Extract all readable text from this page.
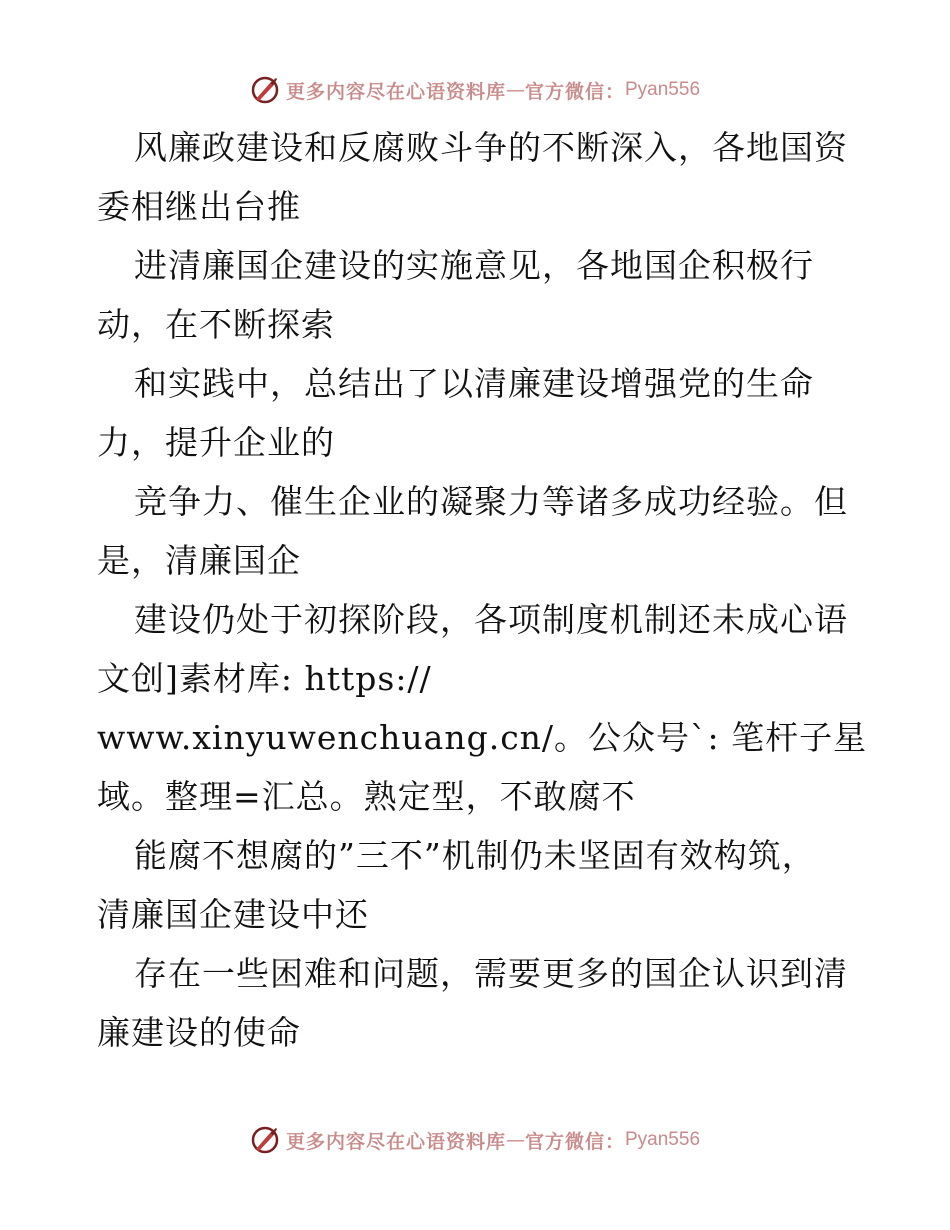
更多内容尽在心语资料库 — 官方微信： Pyan556
风廉政建设和反腐败斗争的不断深入，各地国资
委相继出台推
进清廉国企建设的实施意见，各地国企积极行
动，在不断探索
和实践中，总结出了以清廉建设增强党的生命
力，提升企业的
竞争力、催生企业的凝聚力等诸多成功经验。但
是，清廉国企
建设仍处于初探阶段，各项制度机制还未成心语
文创]素材库: https://
www.xinyuwenchuang.cn/。公众号`: 笔杆子星
域。整理=汇总。熟定型，不敢腐不
能腐不想腐的”三不”机制仍未坚固有效构筑，
清廉国企建设中还
存在一些困难和问题，需要更多的国企认识到清
廉建设的使命
更多内容尽在心语资料库 — 官方微信： Pyan556
